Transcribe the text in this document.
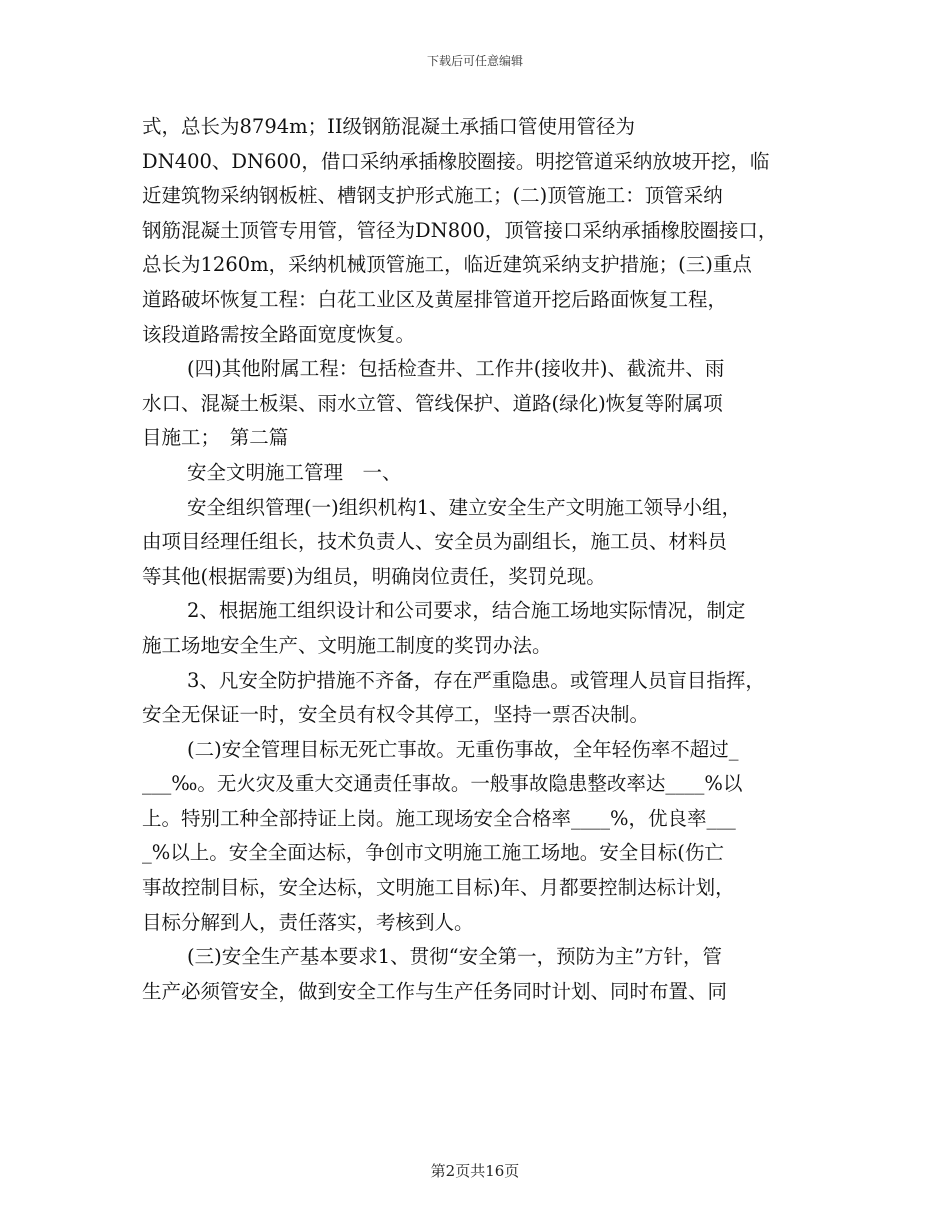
下载后可任意编辑
式，总长为8794m；II级钢筋混凝土承插口管使用管径为
DN400、DN600，借口采纳承插橡胶圈接。明挖管道采纳放坡开挖，临
近建筑物采纳钢板桩、槽钢支护形式施工；(二)顶管施工：顶管采纳
钢筋混凝土顶管专用管，管径为DN800，顶管接口采纳承插橡胶圈接口，
总长为1260m，采纳机械顶管施工，临近建筑采纳支护措施；(三)重点
道路破坏恢复工程：白花工业区及黄屋排管道开挖后路面恢复工程，
该段道路需按全路面宽度恢复。
(四)其他附属工程：包括检查井、工作井(接收井)、截流井、雨
水口、混凝土板渠、雨水立管、管线保护、道路(绿化)恢复等附属项
目施工；　第二篇
安全文明施工管理　一、
安全组织管理(一)组织机构1、建立安全生产文明施工领导小组，
由项目经理任组长，技术负责人、安全员为副组长，施工员、材料员
等其他(根据需要)为组员，明确岗位责任，奖罚兑现。
2、根据施工组织设计和公司要求，结合施工场地实际情况，制定
施工场地安全生产、文明施工制度的奖罚办法。
3、凡安全防护措施不齐备，存在严重隐患。或管理人员盲目指挥，
安全无保证一时，安全员有权令其停工，坚持一票否决制。
(二)安全管理目标无死亡事故。无重伤事故，全年轻伤率不超过_
___‰。无火灾及重大交通责任事故。一般事故隐患整改率达____%以
上。特别工种全部持证上岗。施工现场安全合格率____%，优良率___
_%以上。安全全面达标，争创市文明施工施工场地。安全目标(伤亡
事故控制目标，安全达标，文明施工目标)年、月都要控制达标计划，
目标分解到人，责任落实，考核到人。
(三)安全生产基本要求1、贯彻“安全第一，预防为主”方针，管
生产必须管安全，做到安全工作与生产任务同时计划、同时布置、同
第2页共16页
